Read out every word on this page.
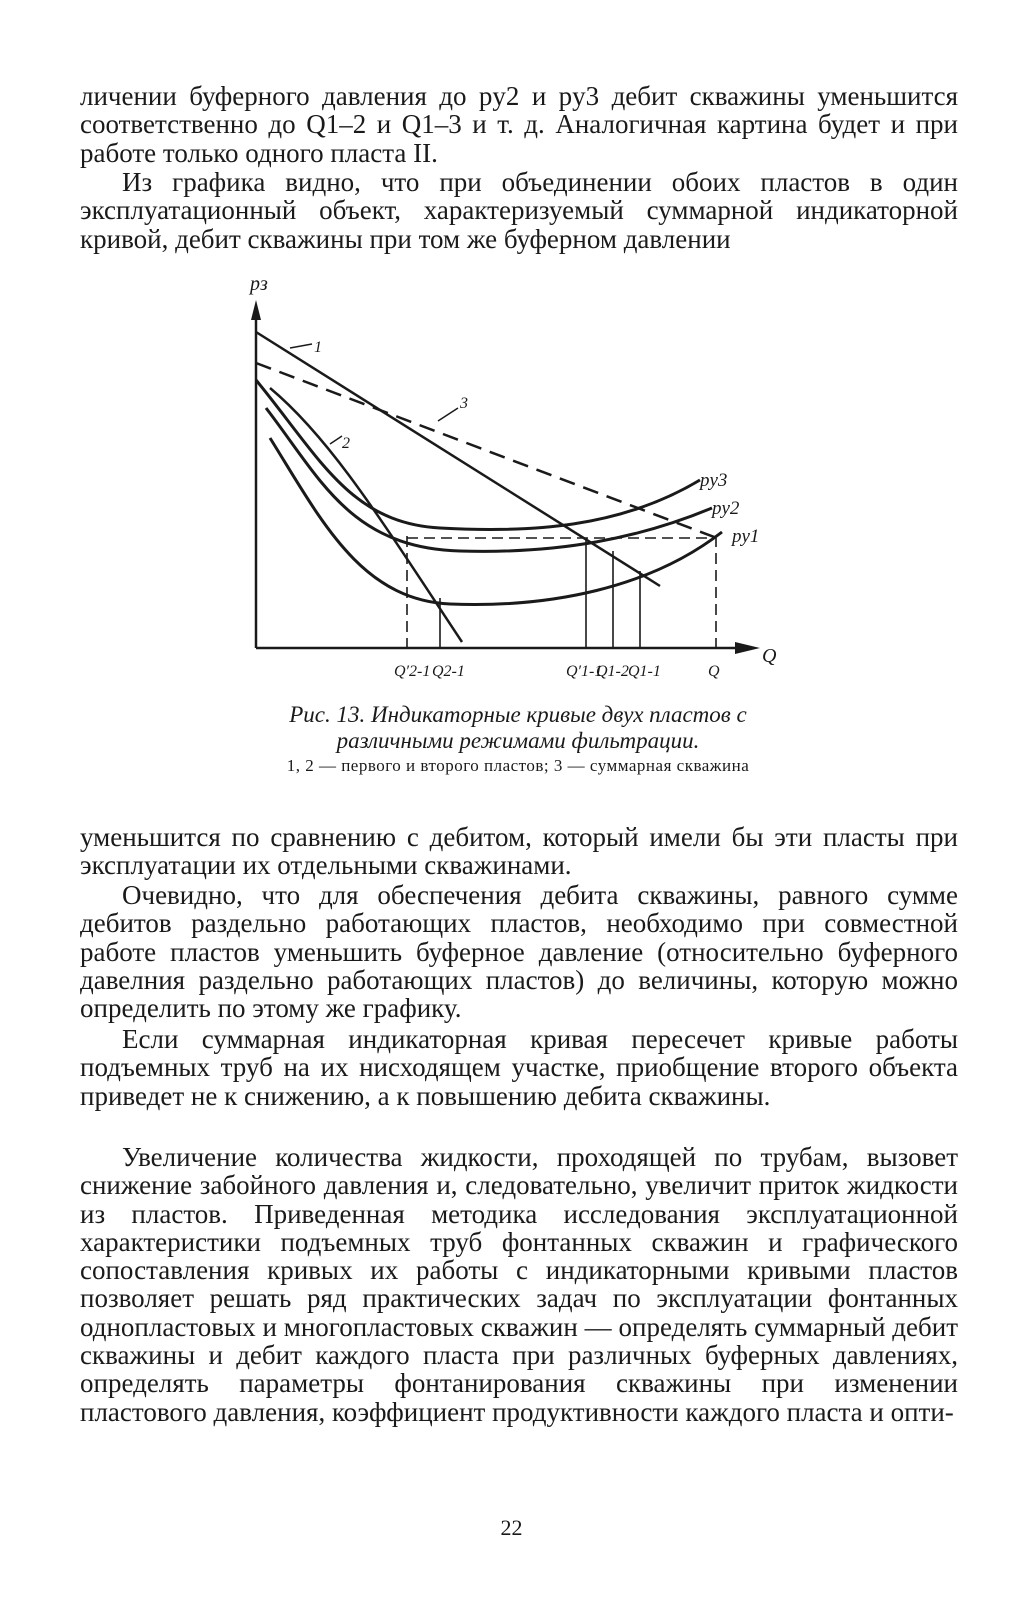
личении буферного давления до pу2 и pу3 дебит скважины уменьшится соответственно до Q1–2 и Q1–3 и т. д. Аналогичная картина будет и при работе только одного пласта II.

Из графика видно, что при объединении обоих пластов в один эксплуатационный объект, характеризуемый суммарной индикаторной кривой, дебит скважины при том же буферном давлении

pз
Q
1
2
3
pу3
pу2
pу1
Q′2-1 Q2-1	Q′1-1
Q1-2 Q1-1	Q

Рис. 13. Индикаторные кривые двух пластов с различными режимами фильтрации.

1, 2 — первого и второго пластов; 3 — суммарная скважина

уменьшится по сравнению с дебитом, который имели бы эти пласты при эксплуатации их отдельными скважинами.

Очевидно, что для обеспечения дебита скважины, равного сумме дебитов раздельно работающих пластов, необходимо при совместной работе пластов уменьшить буферное давление (относительно буферного давелния раздельно работающих пластов) до величины, которую можно определить по этому же графику.

Если суммарная индикаторная кривая пересечет кривые работы подъемных труб на их нисходящем участке, приобщение второго объекта приведет не к снижению, а к повышению дебита скважины.

Увеличение количества жидкости, проходящей по трубам, вызовет снижение забойного давления и, следовательно, увеличит приток жидкости из пластов. Приведенная методика исследования эксплуатационной характеристики подъемных труб фонтанных скважин и графического сопоставления кривых их работы с индикаторными кривыми пластов позволяет решать ряд практических задач по эксплуатации фонтанных однопластовых и многопластовых скважин — определять суммарный дебит скважины и дебит каждого пласта при различных буферных давлениях, определять параметры фонтанирования скважины при изменении пластового давления, коэффициент продуктивности каждого пласта и опти-

22
